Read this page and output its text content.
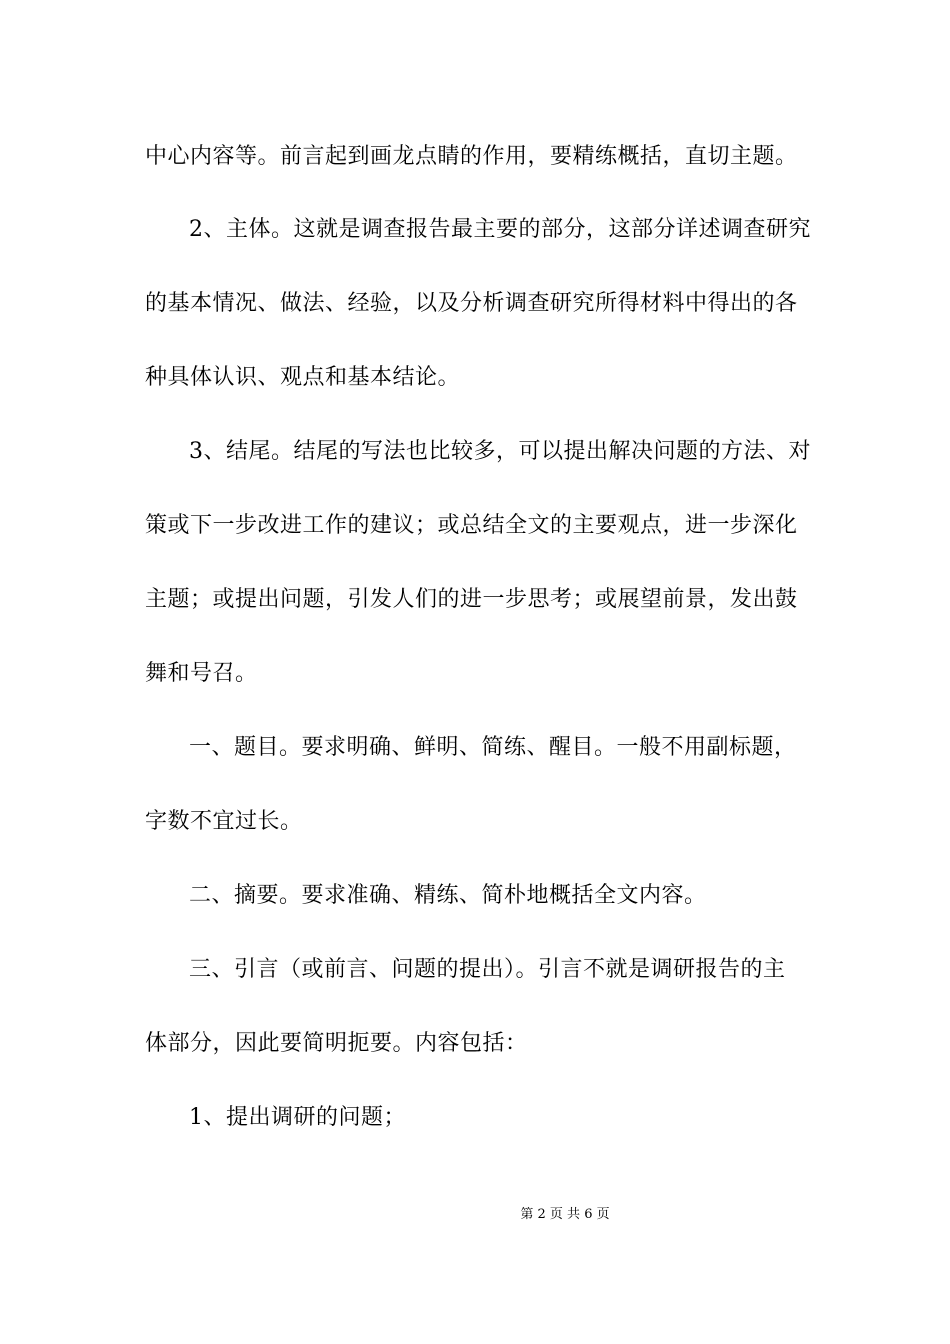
中心内容等。前言起到画龙点睛的作用，要精练概括，直切主题。
2、主体。这就是调查报告最主要的部分，这部分详述调查研究
的基本情况、做法、经验，以及分析调查研究所得材料中得出的各
种具体认识、观点和基本结论。
3、结尾。结尾的写法也比较多，可以提出解决问题的方法、对
策或下一步改进工作的建议；或总结全文的主要观点，进一步深化
主题；或提出问题，引发人们的进一步思考；或展望前景，发出鼓
舞和号召。
一、题目。要求明确、鲜明、简练、醒目。一般不用副标题，
字数不宜过长。
二、摘要。要求准确、精练、简朴地概括全文内容。
三、引言（或前言、问题的提出）。引言不就是调研报告的主
体部分，因此要简明扼要。内容包括：
1、提出调研的问题；
第 2 页 共 6 页
